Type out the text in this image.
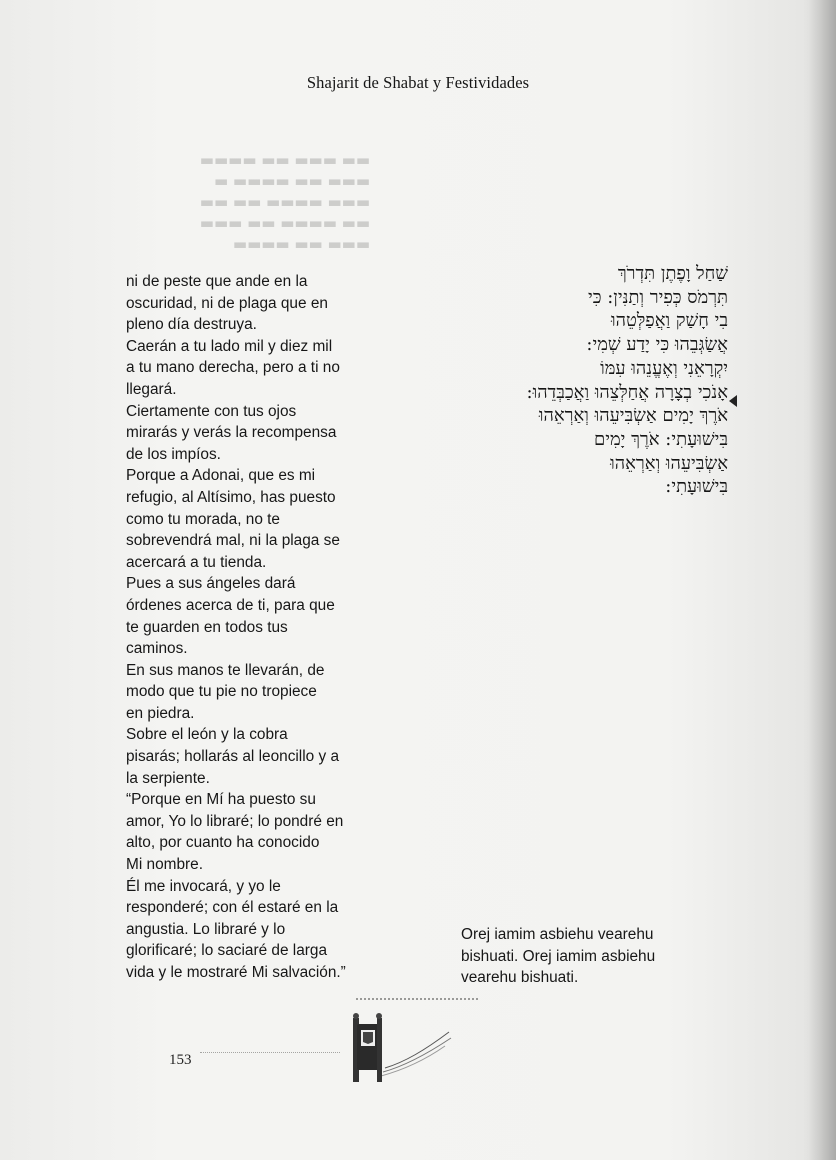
▬▬ ▬▬▬ ▬▬ ▬▬▬▬
▬▬▬ ▬▬ ▬▬▬▬ ▬
▬▬▬ ▬▬▬▬ ▬▬ ▬▬
▬▬ ▬▬▬▬ ▬▬ ▬▬▬
▬▬▬ ▬▬ ▬▬▬▬
Shajarit de Shabat y Festividades
ni de peste que ande en la
oscuridad, ni de plaga que en
pleno día destruya.
Caerán a tu lado mil y diez mil
a tu mano derecha, pero a ti no
llegará.
Ciertamente con tus ojos
mirarás y verás la recompensa
de los impíos.
Porque a Adonai, que es mi
refugio, al Altísimo, has puesto
como tu morada, no te
sobrevendrá mal, ni la plaga se
acercará a tu tienda.
Pues a sus ángeles dará
órdenes acerca de ti, para que
te guarden en todos tus
caminos.
En sus manos te llevarán, de
modo que tu pie no tropiece
en piedra.
Sobre el león y la cobra
pisarás; hollarás al leoncillo y a
la serpiente.
“Porque en Mí ha puesto su
amor, Yo lo libraré; lo pondré en
alto, por cuanto ha conocido
Mi nombre.
Él me invocará, y yo le
responderé; con él estaré en la
angustia. Lo libraré y lo
glorificaré; lo saciaré de larga
vida y le mostraré Mi salvación.”
שַׁחַל וָפֶתֶן תִּדְרֹךְ
תִּרְמֹס כְּפִיר וְתַנִּין: כִּי
בִי חָשַׁק וַאֲפַלְּטֵהוּ
אֲשַׂגְּבֵהוּ כִּי יָדַע שְׁמִי:
יִקְרָאֵנִי וְאֶעֱנֵהוּ עִמּוֹ
אָנֹכִי בְצָרָה אֲחַלְּצֵהוּ וַאֲכַבְּדֵהוּ:
אֹרֶךְ יָמִים אַשְׂבִּיעֵהוּ וְאַרְאֵהוּ
בִּישׁוּעָתִי: אֹרֶךְ יָמִים
אַשְׂבִּיעֵהוּ וְאַרְאֵהוּ
בִּישׁוּעָתִי:
Orej iamim asbiehu vearehu
bishuati. Orej iamim asbiehu
vearehu bishuati.
153
